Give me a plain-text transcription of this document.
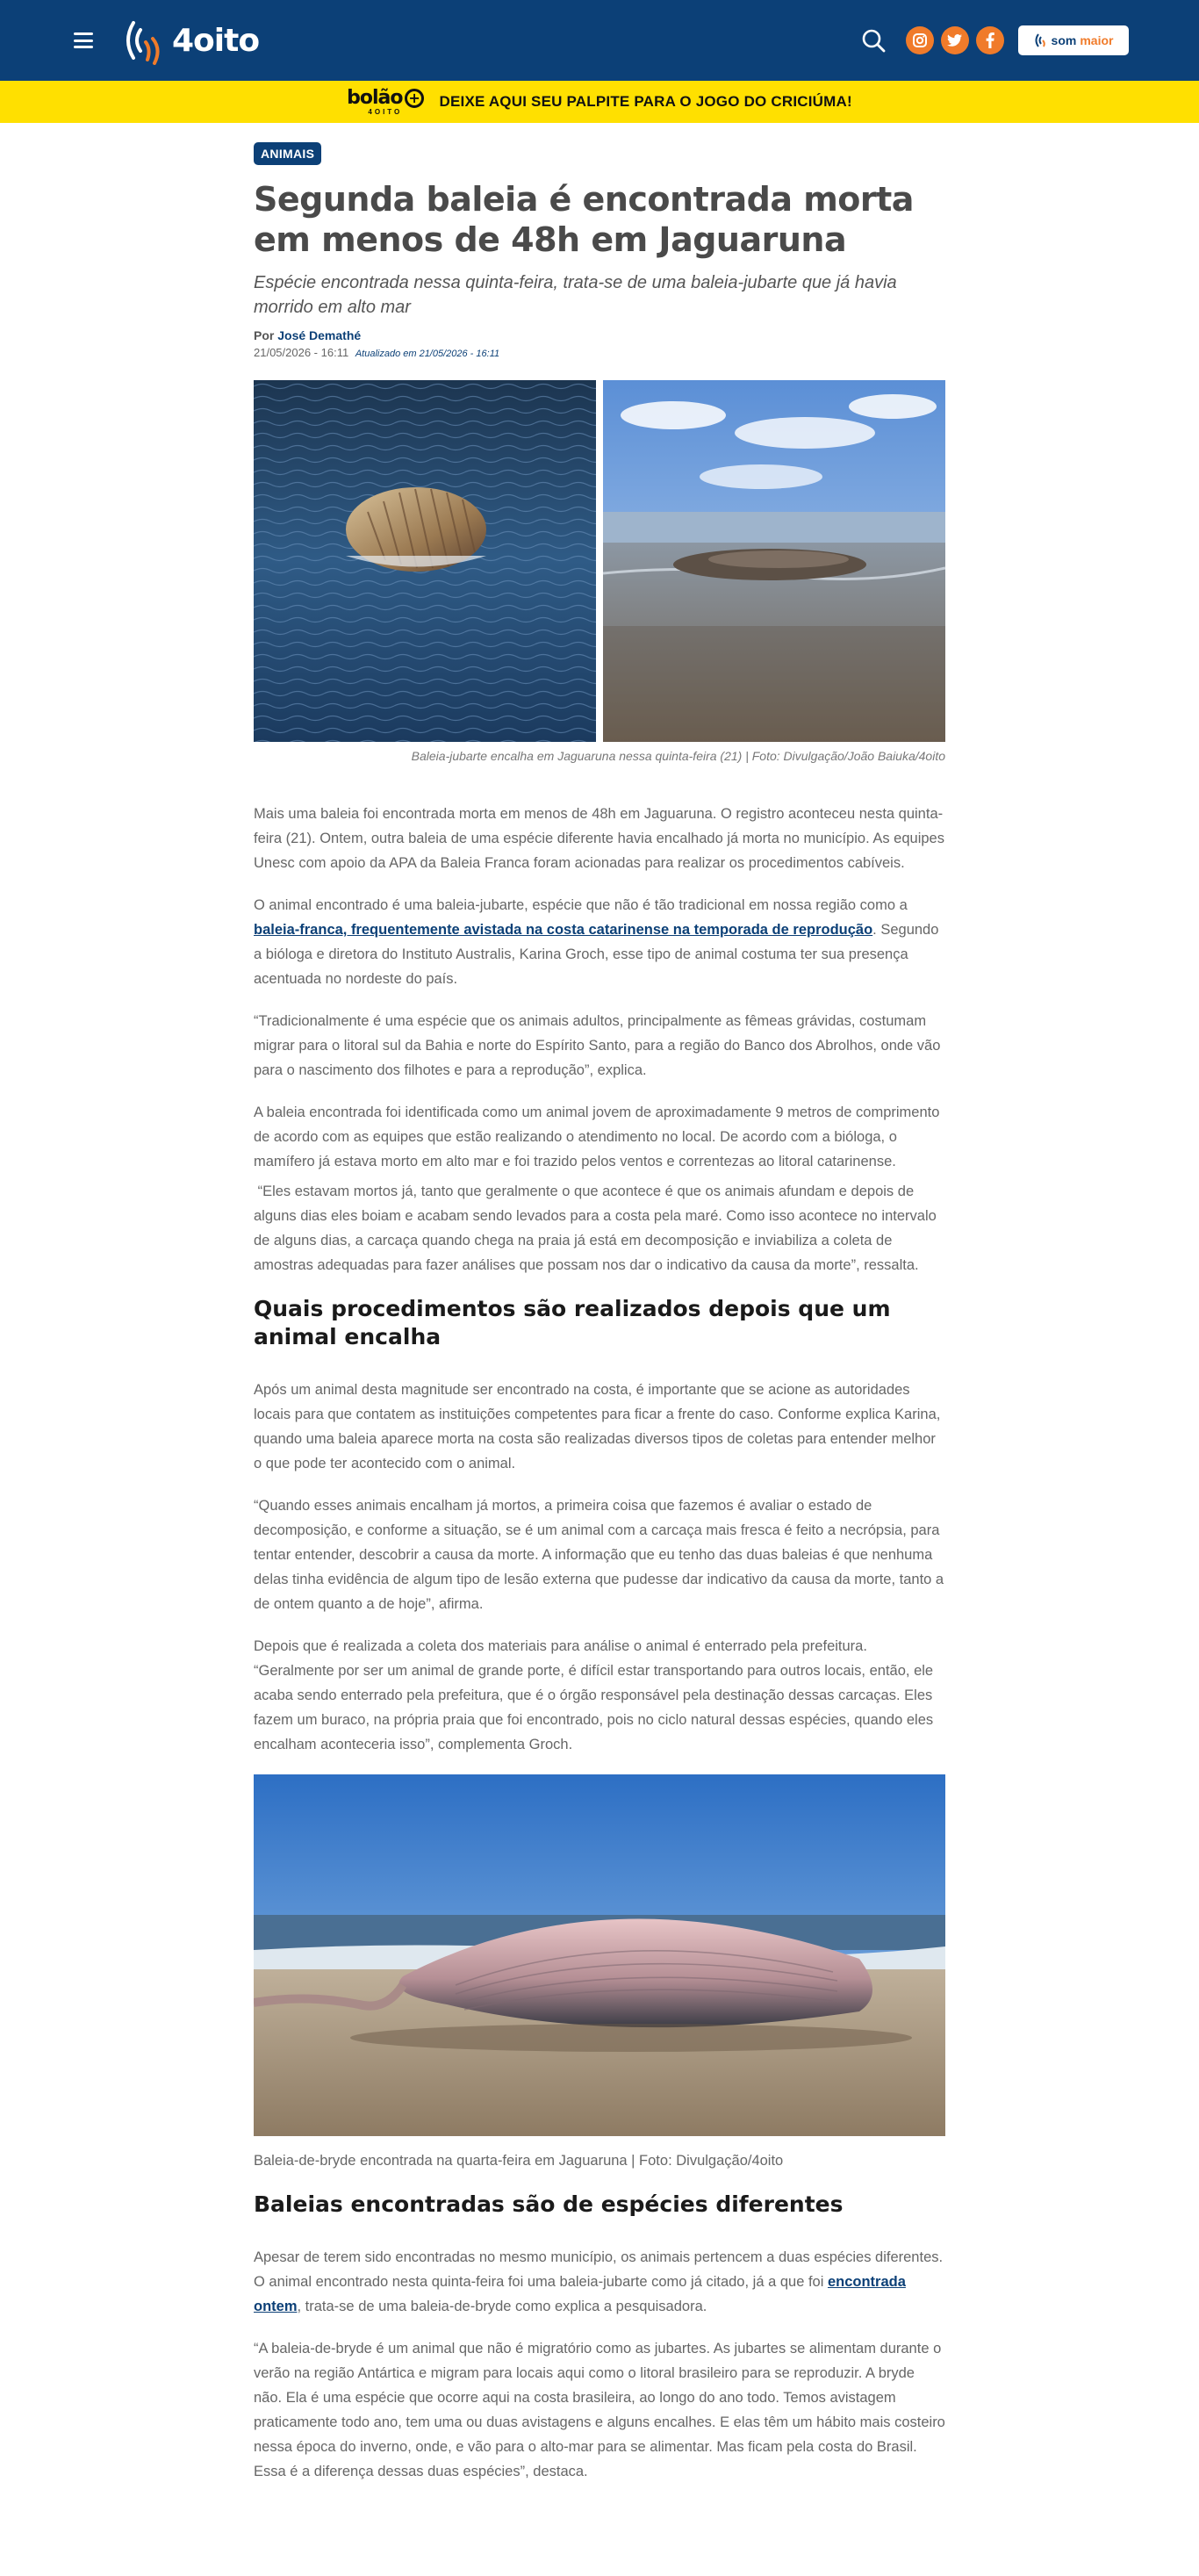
4oito	som maior
bolão +
4OITO
DEIXE AQUI SEU PALPITE PARA O JOGO DO CRICIÚMA!
ANIMAIS
Segunda baleia é encontrada morta em menos de 48h em Jaguaruna

Espécie encontrada nessa quinta-feira, trata-se de uma baleia-jubarte que já havia morrido em alto mar

Por José Demathé
21/05/2026 - 16:11 Atualizado em 21/05/2026 - 16:11

Baleia-jubarte encalha em Jaguaruna nessa quinta-feira (21) | Foto: Divulgação/João Baiuka/4oito

Mais uma baleia foi encontrada morta em menos de 48h em Jaguaruna. O registro aconteceu nesta quinta-feira (21). Ontem, outra baleia de uma espécie diferente havia encalhado já morta no município. As equipes Unesc com apoio da APA da Baleia Franca foram acionadas para realizar os procedimentos cabíveis.

O animal encontrado é uma baleia-jubarte, espécie que não é tão tradicional em nossa região como a baleia-franca, frequentemente avistada na costa catarinense na temporada de reprodução. Segundo a bióloga e diretora do Instituto Australis, Karina Groch, esse tipo de animal costuma ter sua presença acentuada no nordeste do país.

“Tradicionalmente é uma espécie que os animais adultos, principalmente as fêmeas grávidas, costumam migrar para o litoral sul da Bahia e norte do Espírito Santo, para a região do Banco dos Abrolhos, onde vão para o nascimento dos filhotes e para a reprodução”, explica.

A baleia encontrada foi identificada como um animal jovem de aproximadamente 9 metros de comprimento de acordo com as equipes que estão realizando o atendimento no local. De acordo com a bióloga, o mamífero já estava morto em alto mar e foi trazido pelos ventos e correntezas ao litoral catarinense.

“Eles estavam mortos já, tanto que geralmente o que acontece é que os animais afundam e depois de alguns dias eles boiam e acabam sendo levados para a costa pela maré. Como isso acontece no intervalo de alguns dias, a carcaça quando chega na praia já está em decomposição e inviabiliza a coleta de amostras adequadas para fazer análises que possam nos dar o indicativo da causa da morte”, ressalta.

Quais procedimentos são realizados depois que um animal encalha

Após um animal desta magnitude ser encontrado na costa, é importante que se acione as autoridades locais para que contatem as instituições competentes para ficar a frente do caso. Conforme explica Karina, quando uma baleia aparece morta na costa são realizadas diversos tipos de coletas para entender melhor o que pode ter acontecido com o animal.

“Quando esses animais encalham já mortos, a primeira coisa que fazemos é avaliar o estado de decomposição, e conforme a situação, se é um animal com a carcaça mais fresca é feito a necrópsia, para tentar entender, descobrir a causa da morte. A informação que eu tenho das duas baleias é que nenhuma delas tinha evidência de algum tipo de lesão externa que pudesse dar indicativo da causa da morte, tanto a de ontem quanto a de hoje”, afirma.

Depois que é realizada a coleta dos materiais para análise o animal é enterrado pela prefeitura. “Geralmente por ser um animal de grande porte, é difícil estar transportando para outros locais, então, ele acaba sendo enterrado pela prefeitura, que é o órgão responsável pela destinação dessas carcaças. Eles fazem um buraco, na própria praia que foi encontrado, pois no ciclo natural dessas espécies, quando eles encalham aconteceria isso”, complementa Groch.

Baleia-de-bryde encontrada na quarta-feira em Jaguaruna | Foto: Divulgação/4oito

Baleias encontradas são de espécies diferentes

Apesar de terem sido encontradas no mesmo município, os animais pertencem a duas espécies diferentes. O animal encontrado nesta quinta-feira foi uma baleia-jubarte como já citado, já a que foi encontrada ontem, trata-se de uma baleia-de-bryde como explica a pesquisadora.

“A baleia-de-bryde é um animal que não é migratório como as jubartes. As jubartes se alimentam durante o verão na região Antártica e migram para locais aqui como o litoral brasileiro para se reproduzir. A bryde não. Ela é uma espécie que ocorre aqui na costa brasileira, ao longo do ano todo. Temos avistagem praticamente todo ano, tem uma ou duas avistagens e alguns encalhes. E elas têm um hábito mais costeiro nessa época do inverno, onde, e vão para o alto-mar para se alimentar. Mas ficam pela costa do Brasil. Essa é a diferença dessas duas espécies”, destaca.
